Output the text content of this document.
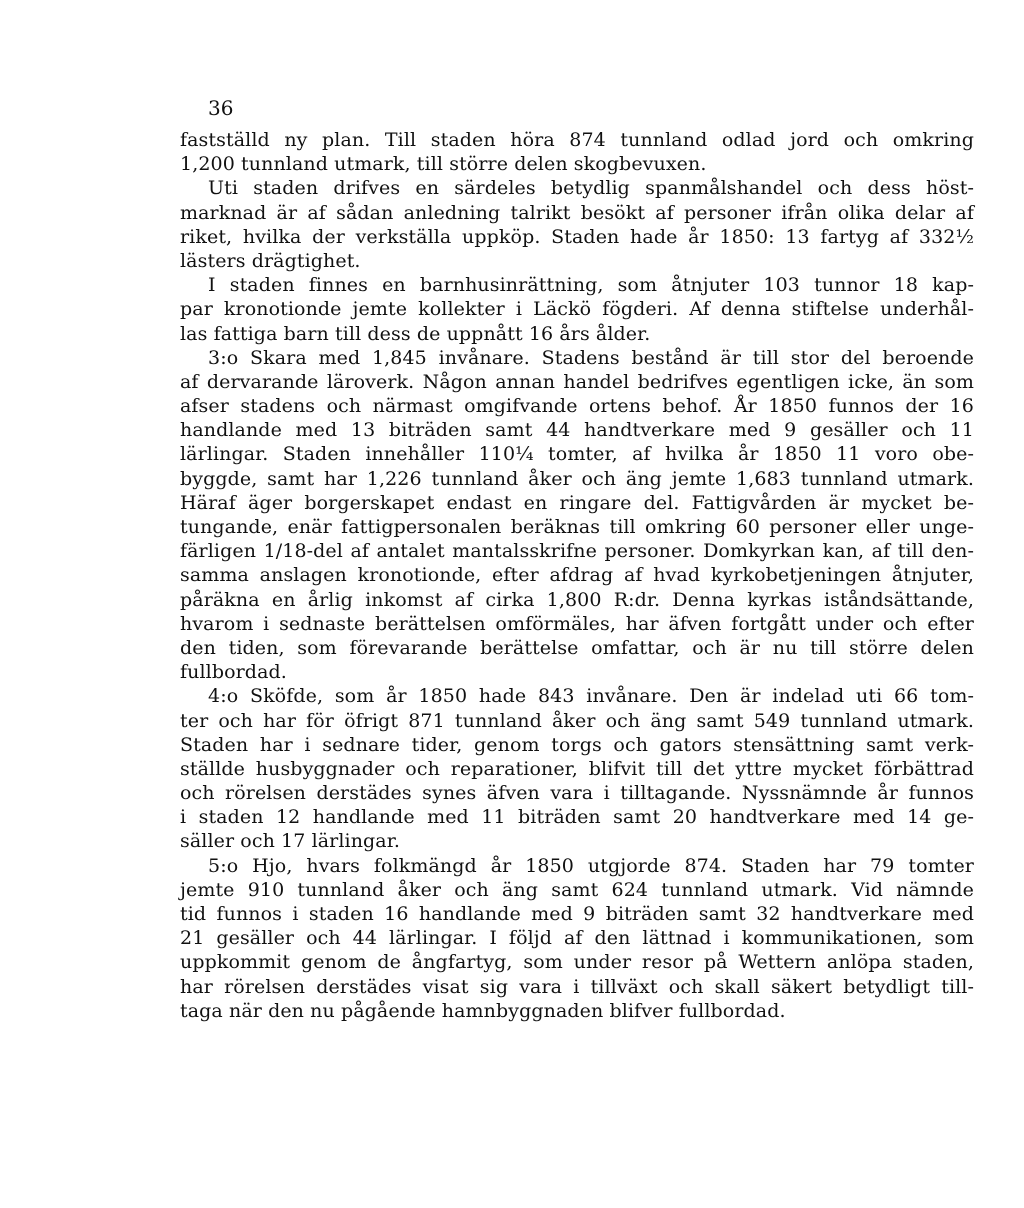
36
fastställd ny plan. Till staden höra 874 tunnland odlad jord och omkring
1,200 tunnland utmark, till större delen skogbevuxen.
Uti staden drifves en särdeles betydlig spanmålshandel och dess höst-
marknad är af sådan anledning talrikt besökt af personer ifrån olika delar af
riket, hvilka der verkställa uppköp. Staden hade år 1850: 13 fartyg af 332½
lästers drägtighet.
I staden finnes en barnhusinrättning, som åtnjuter 103 tunnor 18 kap-
par kronotionde jemte kollekter i Läckö fögderi. Af denna stiftelse underhål-
las fattiga barn till dess de uppnått 16 års ålder.
3:o Skara med 1,845 invånare. Stadens bestånd är till stor del beroende
af dervarande läroverk. Någon annan handel bedrifves egentligen icke, än som
afser stadens och närmast omgifvande ortens behof. År 1850 funnos der 16
handlande med 13 biträden samt 44 handtverkare med 9 gesäller och 11
lärlingar. Staden innehåller 110¼ tomter, af hvilka år 1850 11 voro obe-
byggde, samt har 1,226 tunnland åker och äng jemte 1,683 tunnland utmark.
Häraf äger borgerskapet endast en ringare del. Fattigvården är mycket be-
tungande, enär fattigpersonalen beräknas till omkring 60 personer eller unge-
färligen 1/18-del af antalet mantalsskrifne personer. Domkyrkan kan, af till den-
samma anslagen kronotionde, efter afdrag af hvad kyrkobetjeningen åtnjuter,
påräkna en årlig inkomst af cirka 1,800 R:dr. Denna kyrkas iståndsättande,
hvarom i sednaste berättelsen omförmäles, har äfven fortgått under och efter
den tiden, som förevarande berättelse omfattar, och är nu till större delen
fullbordad.
4:o Sköfde, som år 1850 hade 843 invånare. Den är indelad uti 66 tom-
ter och har för öfrigt 871 tunnland åker och äng samt 549 tunnland utmark.
Staden har i sednare tider, genom torgs och gators stensättning samt verk-
ställde husbyggnader och reparationer, blifvit till det yttre mycket förbättrad
och rörelsen derstädes synes äfven vara i tilltagande. Nyssnämnde år funnos
i staden 12 handlande med 11 biträden samt 20 handtverkare med 14 ge-
säller och 17 lärlingar.
5:o Hjo, hvars folkmängd år 1850 utgjorde 874. Staden har 79 tomter
jemte 910 tunnland åker och äng samt 624 tunnland utmark. Vid nämnde
tid funnos i staden 16 handlande med 9 biträden samt 32 handtverkare med
21 gesäller och 44 lärlingar. I följd af den lättnad i kommunikationen, som
uppkommit genom de ångfartyg, som under resor på Wettern anlöpa staden,
har rörelsen derstädes visat sig vara i tillväxt och skall säkert betydligt till-
taga när den nu pågående hamnbyggnaden blifver fullbordad.
